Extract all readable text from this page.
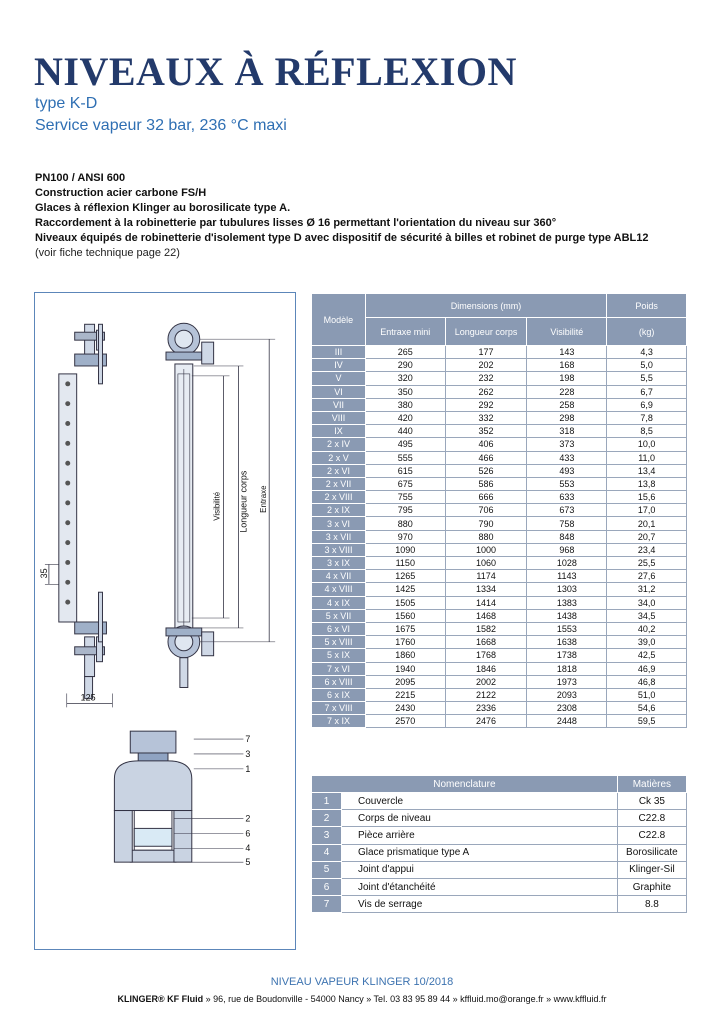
NIVEAUX À RÉFLEXION
type K-D
Service vapeur 32 bar, 236 °C maxi
PN100 / ANSI 600
Construction acier carbone FS/H
Glaces à réflexion Klinger au borosilicate type A.
Raccordement à la robinetterie par tubulures lisses Ø 16 permettant l'orientation du niveau sur 360°
Niveaux équipés de robinetterie d'isolement type D avec dispositif de sécurité à billes et robinet de purge type ABL12
(voir fiche technique page 22)
35
125
Visibilité Longueur corps Entraxe
7
3
1
2
6
4
5
Modèle	Dimensions (mm)			Poids
	Entraxe mini	Longueur corps	Visibilité	(kg)
III	265	177	143	4,3
IV	290	202	168	5,0
V	320	232	198	5,5
VI	350	262	228	6,7
VII	380	292	258	6,9
VIII	420	332	298	7,8
IX	440	352	318	8,5
2 x IV	495	406	373	10,0
2 x V	555	466	433	11,0
2 x VI	615	526	493	13,4
2 x VII	675	586	553	13,8
2 x VIII	755	666	633	15,6
2 x IX	795	706	673	17,0
3 x VI	880	790	758	20,1
3 x VII	970	880	848	20,7
3 x VIII	1090	1000	968	23,4
3 x IX	1150	1060	1028	25,5
4 x VII	1265	1174	1143	27,6
4 x VIII	1425	1334	1303	31,2
4 x IX	1505	1414	1383	34,0
5 x VII	1560	1468	1438	34,5
6 x VI	1675	1582	1553	40,2
5 x VIII	1760	1668	1638	39,0
5 x IX	1860	1768	1738	42,5
7 x VI	1940	1846	1818	46,9
6 x VIII	2095	2002	1973	46,8
6 x IX	2215	2122	2093	51,0
7 x VIII	2430	2336	2308	54,6
7 x IX	2570	2476	2448	59,5
Nomenclature		Matières
1	Couvercle	Ck 35
2	Corps de niveau	C22.8
3	Pièce arrière	C22.8
4	Glace prismatique type A	Borosilicate
5	Joint d'appui	Klinger-Sil
6	Joint d'étanchéité	Graphite
7	Vis de serrage	8.8
NIVEAU VAPEUR KLINGER 10/2018
KLINGER® KF Fluid » 96, rue de Boudonville - 54000 Nancy » Tel. 03 83 95 89 44 » kffluid.mo@orange.fr » www.kffluid.fr
